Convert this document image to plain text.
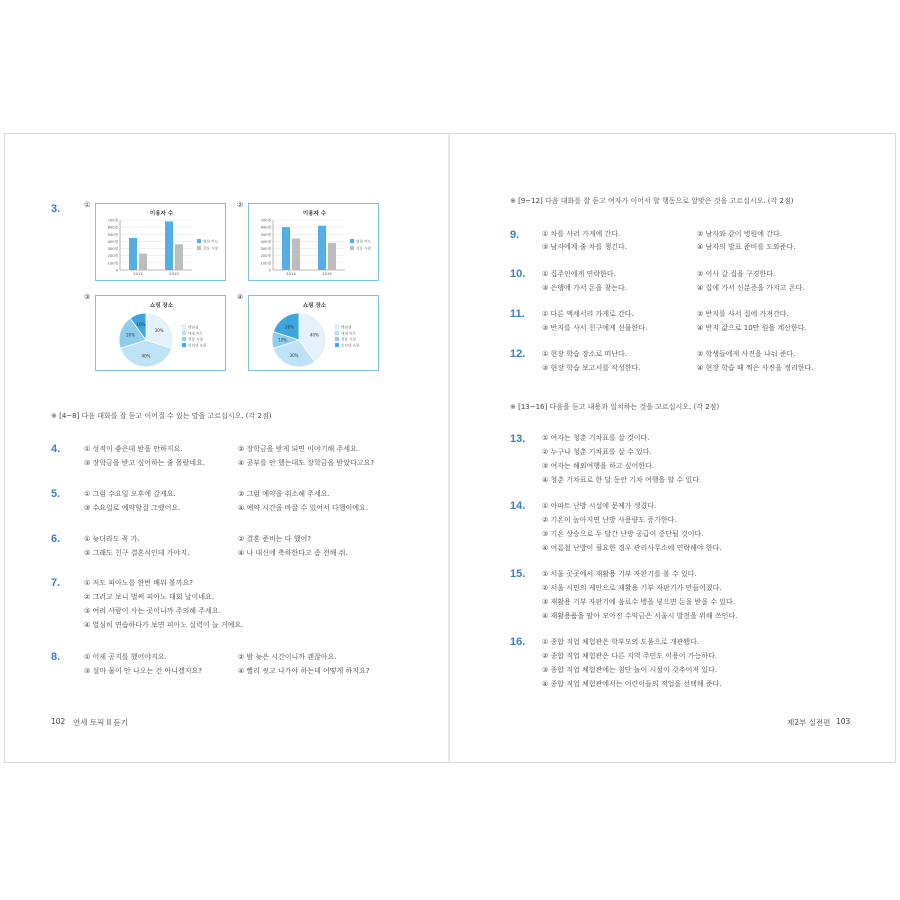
3.	①
이용자 수
700명
600명
500명
400명
300명
200명
100명
0
2014	2015
영화 이도
강동 시장
②
이용자 수
700명
600명
500명
400명
300명
200명
100명
0
2014	2015
영화 이도
강동 시장
③
쇼핑 장소
30%
40%
20%
10%
백화점
대형 마트
전통 시장
인터넷 쇼핑
④
쇼핑 장소
40%
30%
10%
20%	백화점
대형 마트
전통 시장
인터넷 쇼핑
※ [4~8] 다음 대화를 잘 듣고 이어질 수 있는 말을 고르십시오. (각 2점)
4.	① 성적이 좋은데 받을 만하지요.	② 장학금을 받게 되면 이야기해 주세요.
③ 장학금을 받고 싶어하는 줄 몰랐네요.	④ 공부를 안 했는데도 장학금을 받았다고요?
5.	① 그럼 수요일 오후에 갈게요.	② 그럼 예약을 취소해 주세요.
③ 수요일로 예약할걸 그랬어요.	④ 예약 시간을 바꿀 수 있어서 다행이에요.
6.	① 늦더라도 꼭 가.	② 결혼 준비는 다 했어?
③ 그래도 친구 결혼식인데 가야지.	④ 나 대신에 축하한다고 좀 전해 줘.
7.	① 저도 피아노를 한번 배워 볼까요?
② 그러고 보니 벌써 피아노 대회 날이네요.
③ 여러 사람이 사는 곳이니까 주의해 주세요.
④ 열심히 연습하다가 보면 피아노 실력이 늘 거예요.
8.	① 어제 공지를 했어야지요.	② 밤 늦은 시간이니까 괜찮아요.
③ 설마 물이 안 나오는 건 아니겠지요?	④ 빨리 씻고 나가야 하는데 어떻게 하지요?
102 연세 토픽 II 듣기
※ [9~12] 다음 대화를 잘 듣고 여자가 이어서 할 행동으로 알맞은 것을 고르십시오. (각 2점)
9.	① 차를 사러 가게에 간다.	② 남자와 같이 병원에 간다.
③ 남자에게 줄 차를 챙긴다.	④ 남자의 발표 준비를 도와준다.
10. ① 집주인에게 연락한다.	② 이사 갈 집을 구경한다.
③ 은행에 가서 돈을 찾는다.	④ 집에 가서 신분증을 가지고 온다.
11. ① 다른 액세서리 가게로 간다.	② 반지를 사서 집에 가져간다.
③ 반지를 사서 친구에게 선물한다.	④ 반지 값으로 10만 원을 계산한다.
12. ① 현장 학습 장소로 떠난다.	② 학생들에게 사진을 나눠 준다.
③ 현장 학습 보고서를 작성한다.	④ 현장 학습 때 찍은 사진을 정리한다.
※ [13~16] 다음을 듣고 내용과 일치하는 것을 고르십시오. (각 2점)
13. ① 여자는 청춘 기차표를 살 것이다.
② 누구나 청춘 기차표를 살 수 있다.
③ 여자는 해외여행을 하고 싶어한다.
④ 청춘 기차표로 한 달 동안 기차 여행을 할 수 있다.
14. ① 아파트 난방 시설에 문제가 생겼다.
② 기온이 높아지면 난방 사용량도 증가한다.
③ 기온 상승으로 두 달간 난방 공급이 중단될 것이다.
④ 여름철 난방이 필요한 경우 관리사무소에 연락해야 한다.
15. ① 서울 곳곳에서 재활용 기부 자판기를 볼 수 있다.
② 서울 시민의 제안으로 재활용 기부 자판기가 만들어졌다.
③ 재활용 기부 자판기에 음료수 병을 넣으면 돈을 받을 수 있다.
④ 재활용품을 팔아 모아진 수익금은 서울시 발전을 위해 쓰인다.
16. ① 종합 직업 체험관은 학부모의 도움으로 개관됐다.
② 종합 직업 체험관은 다른 지역 주민도 이용이 가능하다.
③ 종합 직업 체험관에는 첨단 놀이 시설이 갖추어져 있다.
④ 종합 직업 체험관에서는 어린이들의 적업을 선택해 준다.
제2부 실전편 103
